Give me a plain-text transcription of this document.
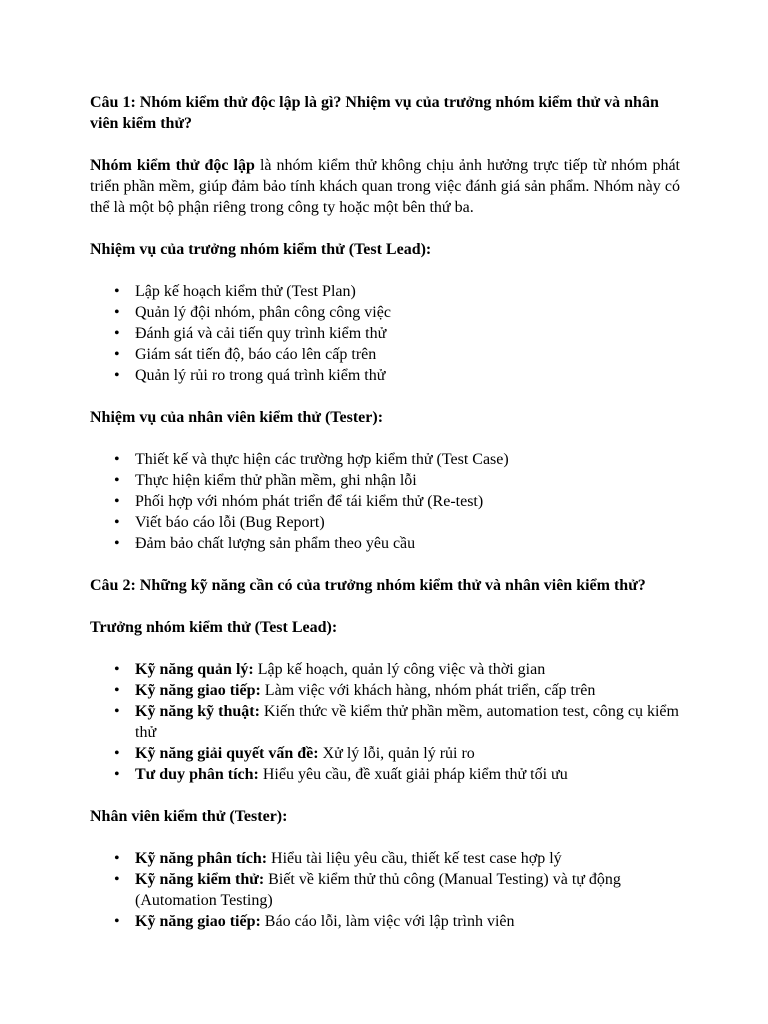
Câu 1: Nhóm kiểm thử độc lập là gì? Nhiệm vụ của trưởng nhóm kiểm thử và nhân viên kiểm thử?

Nhóm kiểm thử độc lập là nhóm kiểm thử không chịu ảnh hưởng trực tiếp từ nhóm phát triển phần mềm, giúp đảm bảo tính khách quan trong việc đánh giá sản phẩm. Nhóm này có thể là một bộ phận riêng trong công ty hoặc một bên thứ ba.

Nhiệm vụ của trưởng nhóm kiểm thử (Test Lead):

• Lập kế hoạch kiểm thử (Test Plan)
• Quản lý đội nhóm, phân công công việc
• Đánh giá và cải tiến quy trình kiểm thử
• Giám sát tiến độ, báo cáo lên cấp trên
• Quản lý rủi ro trong quá trình kiểm thử

Nhiệm vụ của nhân viên kiểm thử (Tester):

• Thiết kế và thực hiện các trường hợp kiểm thử (Test Case)
• Thực hiện kiểm thử phần mềm, ghi nhận lỗi
• Phối hợp với nhóm phát triển để tái kiểm thử (Re-test)
• Viết báo cáo lỗi (Bug Report)
• Đảm bảo chất lượng sản phẩm theo yêu cầu

Câu 2: Những kỹ năng cần có của trưởng nhóm kiểm thử và nhân viên kiểm thử?

Trưởng nhóm kiểm thử (Test Lead):

• Kỹ năng quản lý: Lập kế hoạch, quản lý công việc và thời gian
• Kỹ năng giao tiếp: Làm việc với khách hàng, nhóm phát triển, cấp trên
• Kỹ năng kỹ thuật: Kiến thức về kiểm thử phần mềm, automation test, công cụ kiểm thử
• Kỹ năng giải quyết vấn đề: Xử lý lỗi, quản lý rủi ro
• Tư duy phân tích: Hiểu yêu cầu, đề xuất giải pháp kiểm thử tối ưu

Nhân viên kiểm thử (Tester):

• Kỹ năng phân tích: Hiểu tài liệu yêu cầu, thiết kế test case hợp lý
• Kỹ năng kiểm thử: Biết về kiểm thử thủ công (Manual Testing) và tự động (Automation Testing)
• Kỹ năng giao tiếp: Báo cáo lỗi, làm việc với lập trình viên
